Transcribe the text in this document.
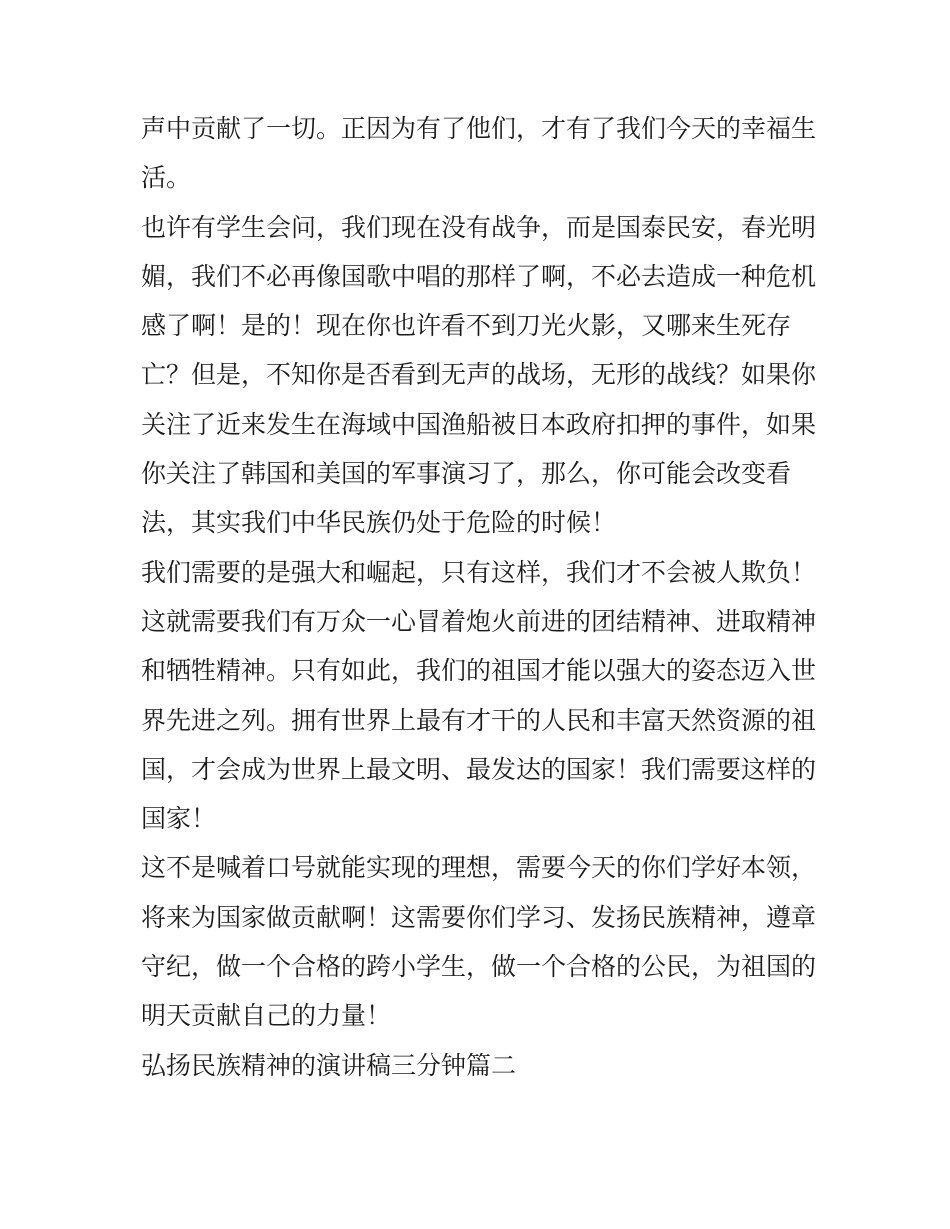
声中贡献了一切。正因为有了他们，才有了我们今天的幸福生
活。
也许有学生会问，我们现在没有战争，而是国泰民安，春光明
媚，我们不必再像国歌中唱的那样了啊，不必去造成一种危机
感了啊！是的！现在你也许看不到刀光火影，又哪来生死存
亡？但是，不知你是否看到无声的战场，无形的战线？如果你
关注了近来发生在海域中国渔船被日本政府扣押的事件，如果
你关注了韩国和美国的军事演习了，那么，你可能会改变看
法，其实我们中华民族仍处于危险的时候！
我们需要的是强大和崛起，只有这样，我们才不会被人欺负！
这就需要我们有万众一心冒着炮火前进的团结精神、进取精神
和牺牲精神。只有如此，我们的祖国才能以强大的姿态迈入世
界先进之列。拥有世界上最有才干的人民和丰富天然资源的祖
国，才会成为世界上最文明、最发达的国家！我们需要这样的
国家！
这不是喊着口号就能实现的理想，需要今天的你们学好本领，
将来为国家做贡献啊！这需要你们学习、发扬民族精神，遵章
守纪，做一个合格的跨小学生，做一个合格的公民，为祖国的
明天贡献自己的力量！
弘扬民族精神的演讲稿三分钟篇二
